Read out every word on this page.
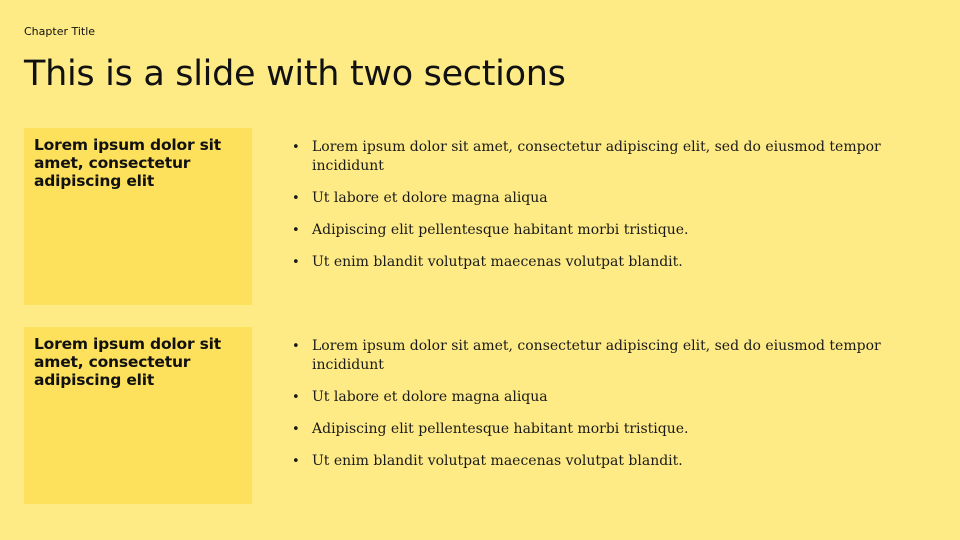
Chapter Title
This is a slide with two sections
Lorem ipsum dolor sit amet, consectetur adipiscing elit
• Lorem ipsum dolor sit amet, consectetur adipiscing elit, sed do eiusmod tempor incididunt
• Ut labore et dolore magna aliqua
• Adipiscing elit pellentesque habitant morbi tristique.
• Ut enim blandit volutpat maecenas volutpat blandit.
Lorem ipsum dolor sit amet, consectetur adipiscing elit
• Lorem ipsum dolor sit amet, consectetur adipiscing elit, sed do eiusmod tempor incididunt
• Ut labore et dolore magna aliqua
• Adipiscing elit pellentesque habitant morbi tristique.
• Ut enim blandit volutpat maecenas volutpat blandit.
